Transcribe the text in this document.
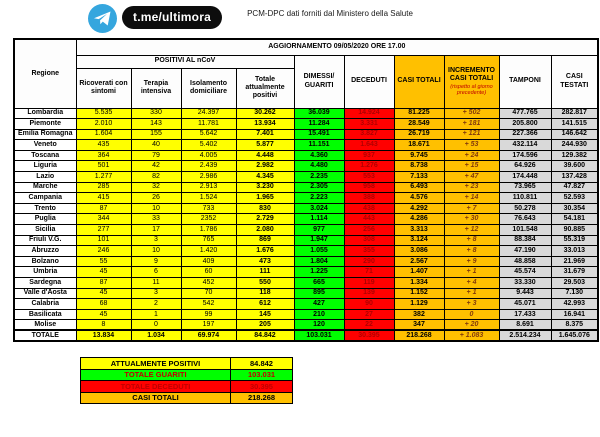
t.me/ultimora	PCM-DPC dati forniti dal Ministero della Salute
Regione	AGGIORNAMENTO 09/05/2020 ORE 17.00									
	POSITIVI AL nCoV				DIMESSI/ GUARITI	DECEDUTI	CASI TOTALI	INCREMENTO CASI TOTALI
(rispetto al giorno precedente)	TAMPONI	CASI TESTATI
	Ricoverati con sintomi	Terapia intensiva	Isolamento domiciliare	Totale attualmente positivi						
Lombardia	5.535	330	24.397	30.262	36.039	14.924	81.225	+ 502	477.765	282.817
Piemonte	2.010	143	11.781	13.934	11.284	3.331	28.549	+ 181	205.800	141.515
Emilia Romagna	1.604	155	5.642	7.401	15.491	3.827	26.719	+ 121	227.366	146.642
Veneto	435	40	5.402	5.877	11.151	1.643	18.671	+ 53	432.114	244.930
Toscana	364	79	4.005	4.448	4.360	937	9.745	+ 24	174.596	129.382
Liguria	501	42	2.439	2.982	4.480	1.276	8.738	+ 15	64.926	39.600
Lazio	1.277	82	2.986	4.345	2.235	553	7.133	+ 47	174.448	137.428
Marche	285	32	2.913	3.230	2.305	958	6.493	+ 23	73.965	47.827
Campania	415	26	1.524	1.965	2.223	388	4.576	+ 14	110.811	52.593
Trento	87	10	733	830	3.024	438	4.292	+ 7	50.278	30.354
Puglia	344	33	2352	2.729	1.114	443	4.286	+ 30	76.643	54.181
Sicilia	277	17	1.786	2.080	977	256	3.313	+ 12	101.548	90.885
Friuli V.G.	101	3	765	869	1.947	308	3.124	+ 8	88.384	55.319
Abruzzo	246	10	1.420	1.676	1.055	355	3.086	+ 8	47.190	33.013
Bolzano	55	9	409	473	1.804	290	2.567	+ 9	48.858	21.969
Umbria	45	6	60	111	1.225	71	1.407	+ 1	45.574	31.679
Sardegna	87	11	452	550	665	119	1.334	+ 4	33.330	29.503
Valle d'Aosta	45	3	70	118	895	139	1.152	+ 1	9.443	7.130
Calabria	68	2	542	612	427	90	1.129	+ 3	45.071	42.993
Basilicata	45	1	99	145	210	27	382	0	17.433	16.941
Molise	8	0	197	205	120	22	347	+ 20	8.691	8.375
TOTALE	13.834	1.034	69.974	84.842	103.031	30.395	218.268	+ 1.083	2.514.234	1.645.076
ATTUALMENTE POSITIVI	84.842
TOTALE GUARITI	103.031
TOTALE DECEDUTI	30.395
CASI TOTALI	218.268
